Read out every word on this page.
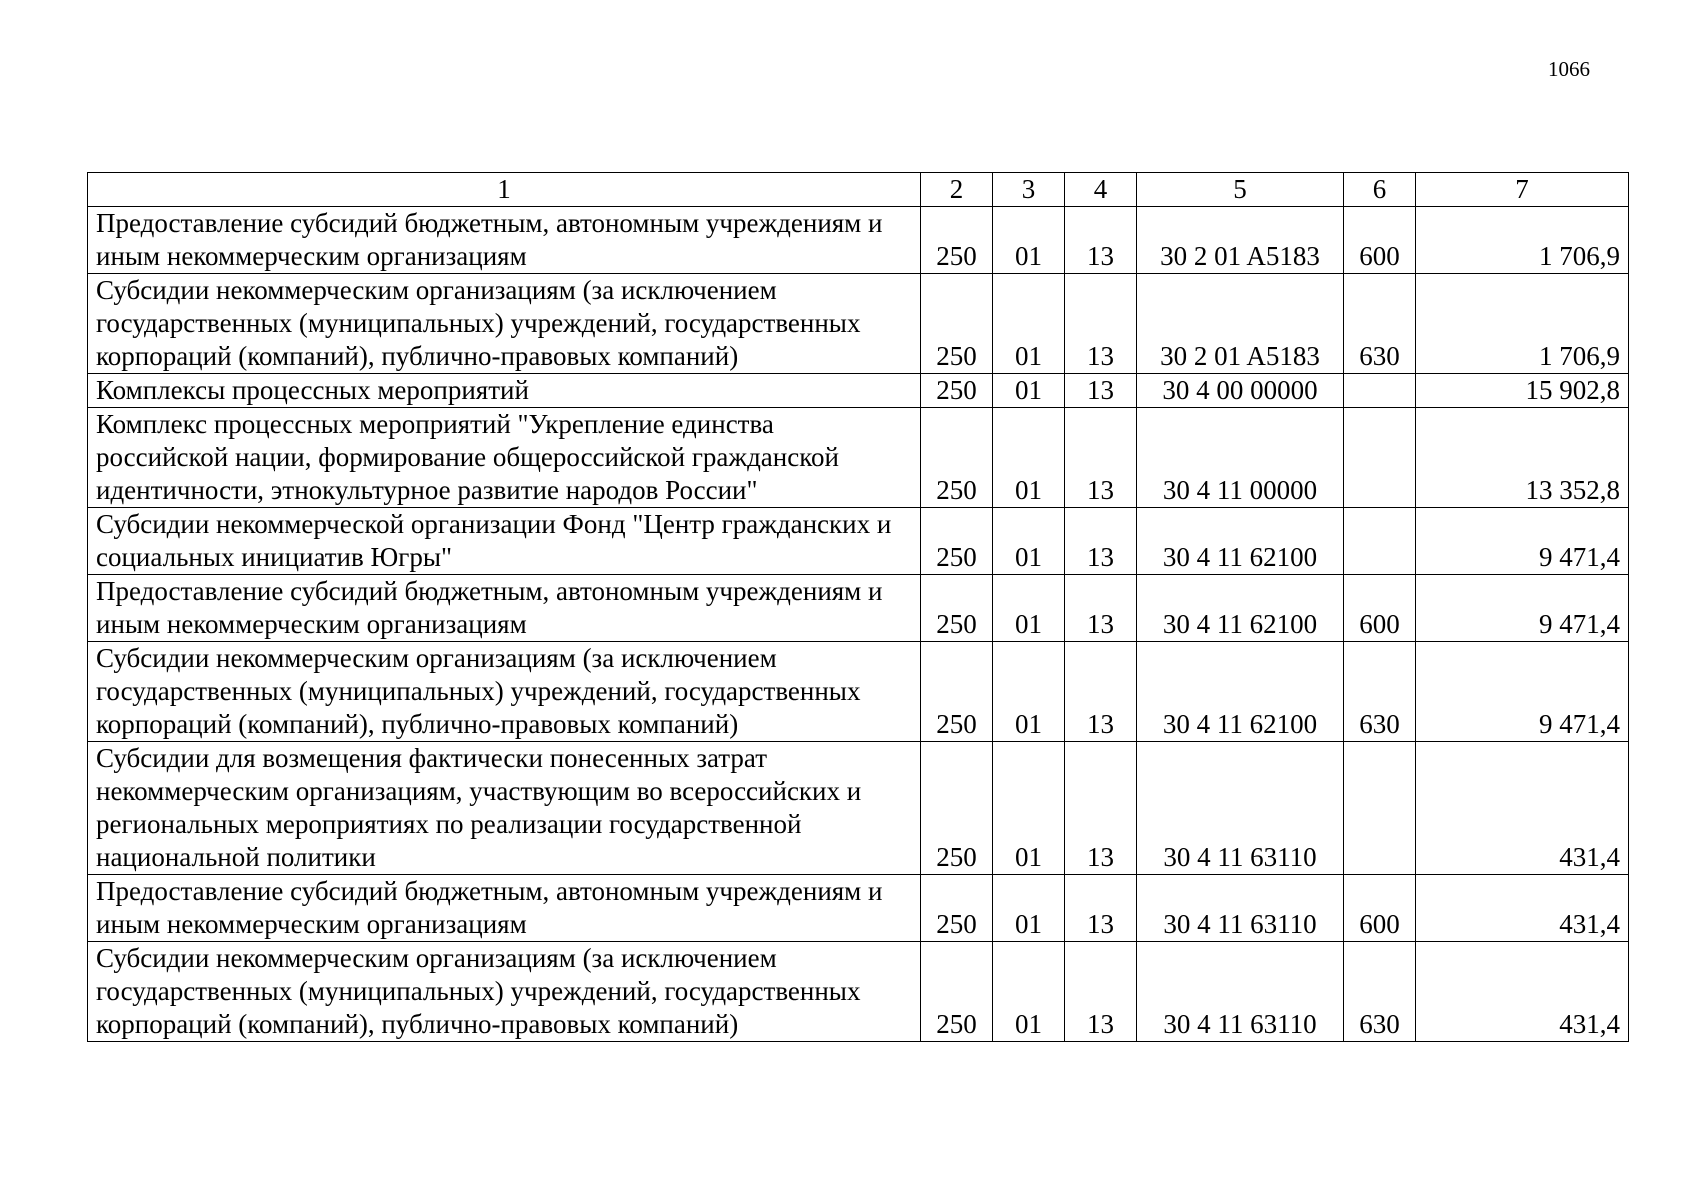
1066
1	2	3	4	5	6	7
Предоставление субсидий бюджетным, автономным учреждениям и иным некоммерческим организациям	250	01	13	30 2 01 A5183	600	1 706,9
Субсидии некоммерческим организациям (за исключением государственных (муниципальных) учреждений, государственных корпораций (компаний), публично-правовых компаний)	250	01	13	30 2 01 A5183	630	1 706,9
Комплексы процессных мероприятий	250	01	13	30 4 00 00000		15 902,8
Комплекс процессных мероприятий "Укрепление единства российской нации, формирование общероссийской гражданской идентичности, этнокультурное развитие народов России"	250	01	13	30 4 11 00000		13 352,8
Субсидии некоммерческой организации Фонд "Центр гражданских и социальных инициатив Югры"	250	01	13	30 4 11 62100		9 471,4
Предоставление субсидий бюджетным, автономным учреждениям и иным некоммерческим организациям	250	01	13	30 4 11 62100	600	9 471,4
Субсидии некоммерческим организациям (за исключением государственных (муниципальных) учреждений, государственных корпораций (компаний), публично-правовых компаний)	250	01	13	30 4 11 62100	630	9 471,4
Субсидии для возмещения фактически понесенных затрат некоммерческим организациям, участвующим во всероссийских и региональных мероприятиях по реализации государственной национальной политики	250	01	13	30 4 11 63110		431,4
Предоставление субсидий бюджетным, автономным учреждениям и иным некоммерческим организациям	250	01	13	30 4 11 63110	600	431,4
Субсидии некоммерческим организациям (за исключением государственных (муниципальных) учреждений, государственных корпораций (компаний), публично-правовых компаний)	250	01	13	30 4 11 63110	630	431,4
